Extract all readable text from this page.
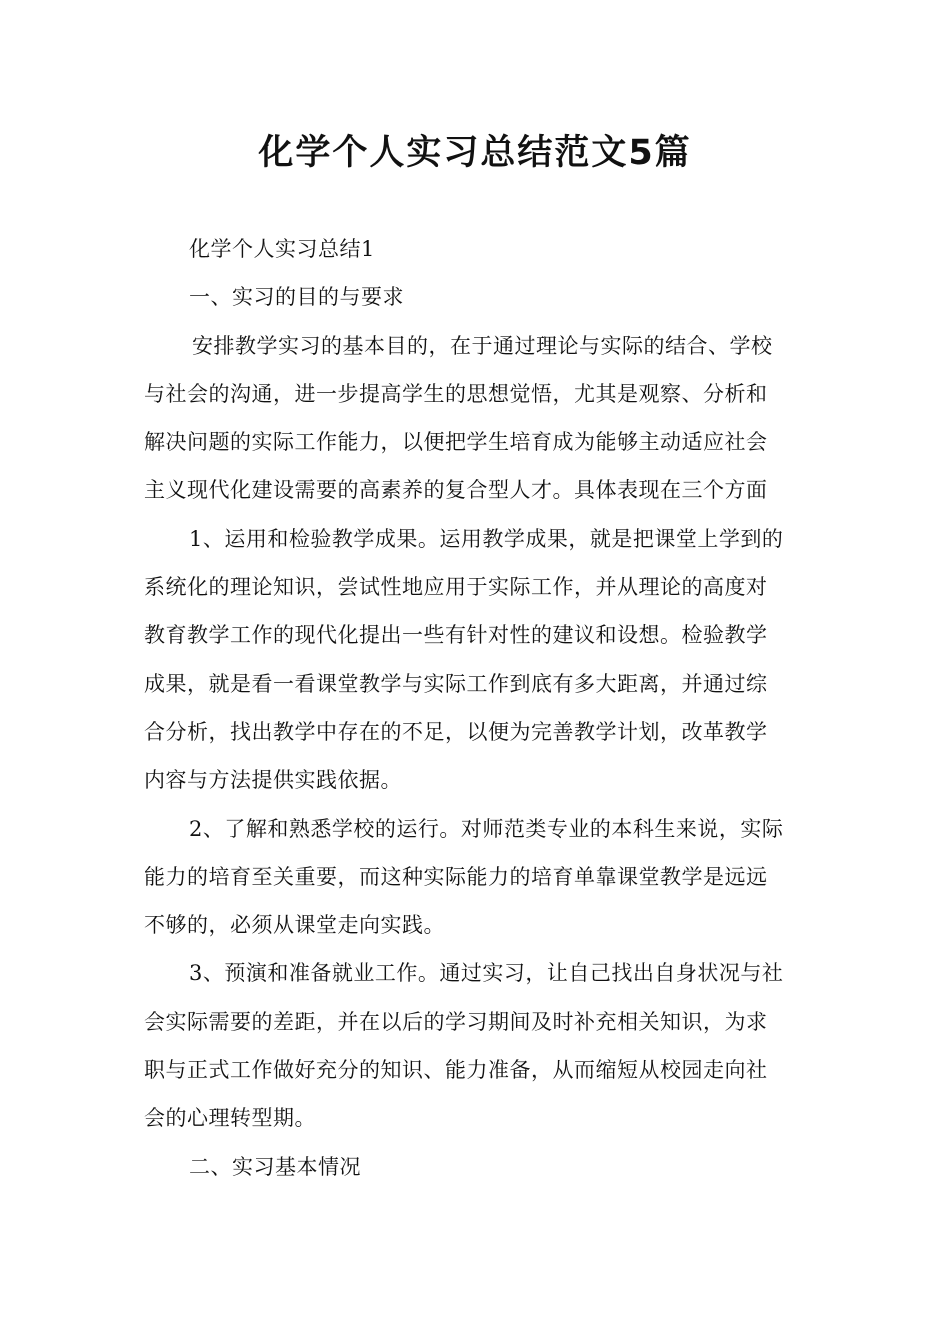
化学个人实习总结范文5篇
化学个人实习总结1
一、实习的目的与要求
安排教学实习的基本目的，在于通过理论与实际的结合、学校
与社会的沟通，进一步提高学生的思想觉悟，尤其是观察、分析和
解决问题的实际工作能力，以便把学生培育成为能够主动适应社会
主义现代化建设需要的高素养的复合型人才。具体表现在三个方面
1、运用和检验教学成果。运用教学成果，就是把课堂上学到的
系统化的理论知识，尝试性地应用于实际工作，并从理论的高度对
教育教学工作的现代化提出一些有针对性的建议和设想。检验教学
成果，就是看一看课堂教学与实际工作到底有多大距离，并通过综
合分析，找出教学中存在的不足，以便为完善教学计划，改革教学
内容与方法提供实践依据。
2、了解和熟悉学校的运行。对师范类专业的本科生来说，实际
能力的培育至关重要，而这种实际能力的培育单靠课堂教学是远远
不够的，必须从课堂走向实践。
3、预演和准备就业工作。通过实习，让自己找出自身状况与社
会实际需要的差距，并在以后的学习期间及时补充相关知识，为求
职与正式工作做好充分的知识、能力准备，从而缩短从校园走向社
会的心理转型期。
二、实习基本情况
